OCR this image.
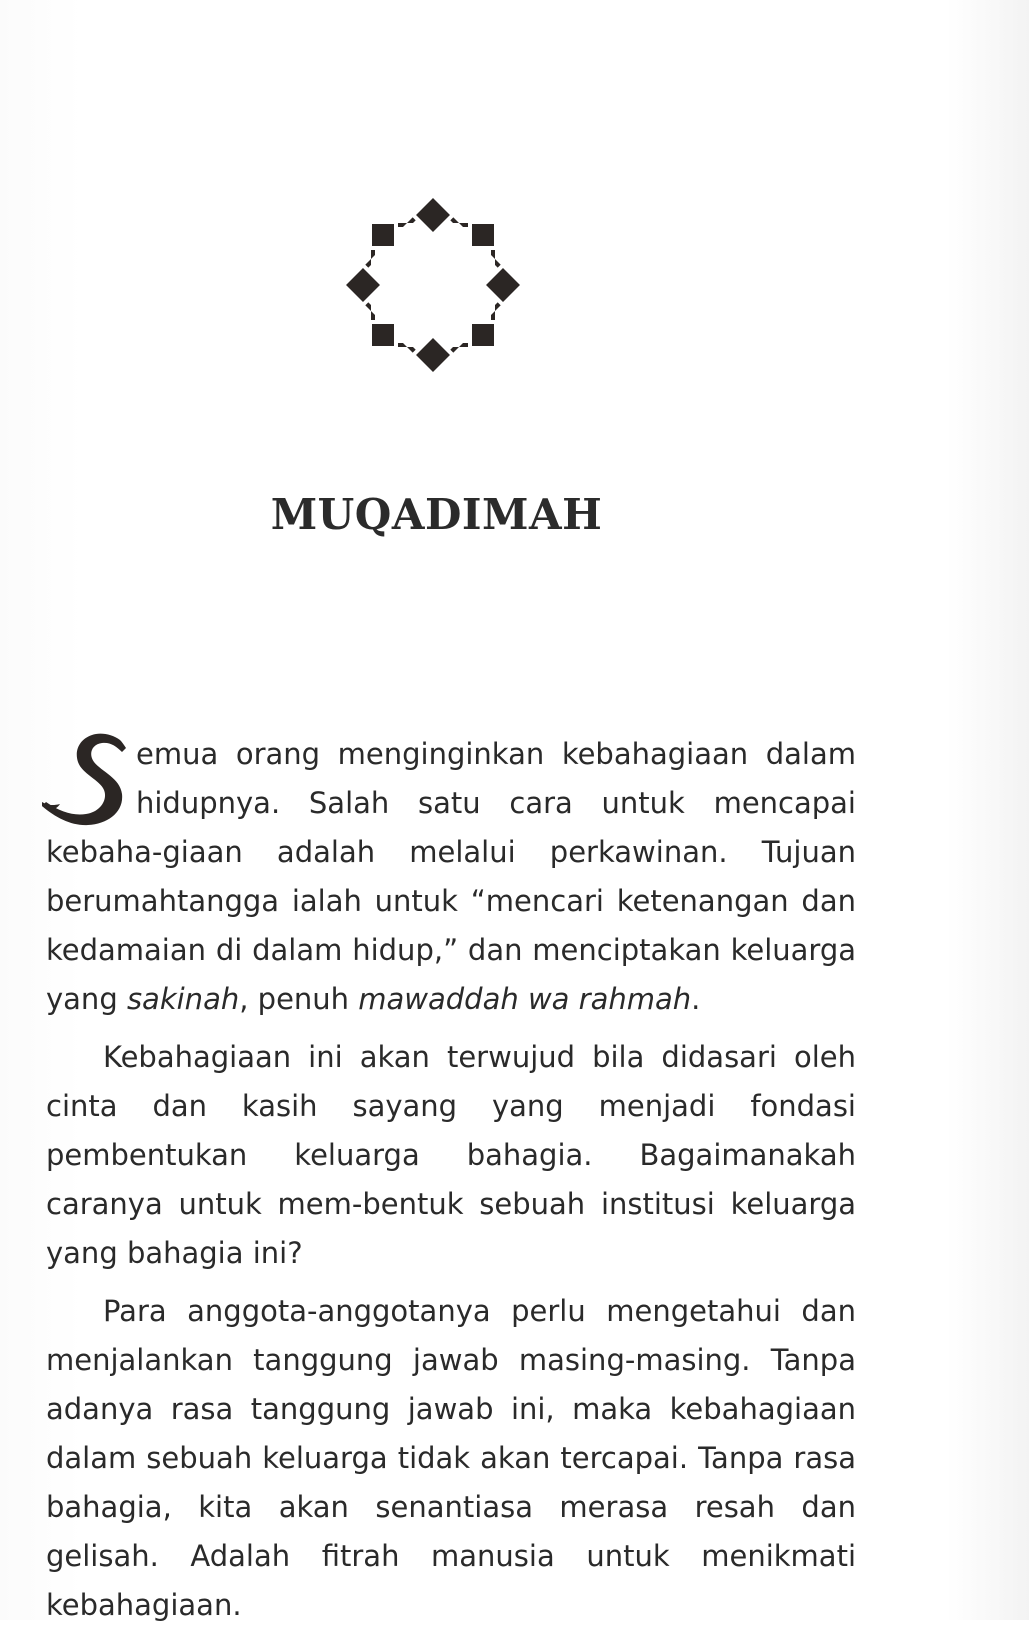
MUQADIMAH

emua orang menginginkan kebahagiaan dalam hidupnya. Salah satu cara untuk mencapai kebaha-giaan adalah melalui perkawinan. Tujuan berumahtangga ialah untuk “mencari ketenangan dan kedamaian di dalam hidup,” dan menciptakan keluarga yang sakinah, penuh mawaddah wa rahmah.

Kebahagiaan ini akan terwujud bila didasari oleh cinta dan kasih sayang yang menjadi fondasi pembentukan keluarga bahagia. Bagaimanakah caranya untuk mem-bentuk sebuah institusi keluarga yang bahagia ini?

Para anggota-anggotanya perlu mengetahui dan menjalankan tanggung jawab masing-masing. Tanpa adanya rasa tanggung jawab ini, maka kebahagiaan dalam sebuah keluarga tidak akan tercapai. Tanpa rasa bahagia, kita akan senantiasa merasa resah dan gelisah. Adalah fitrah manusia untuk menikmati kebahagiaan.
